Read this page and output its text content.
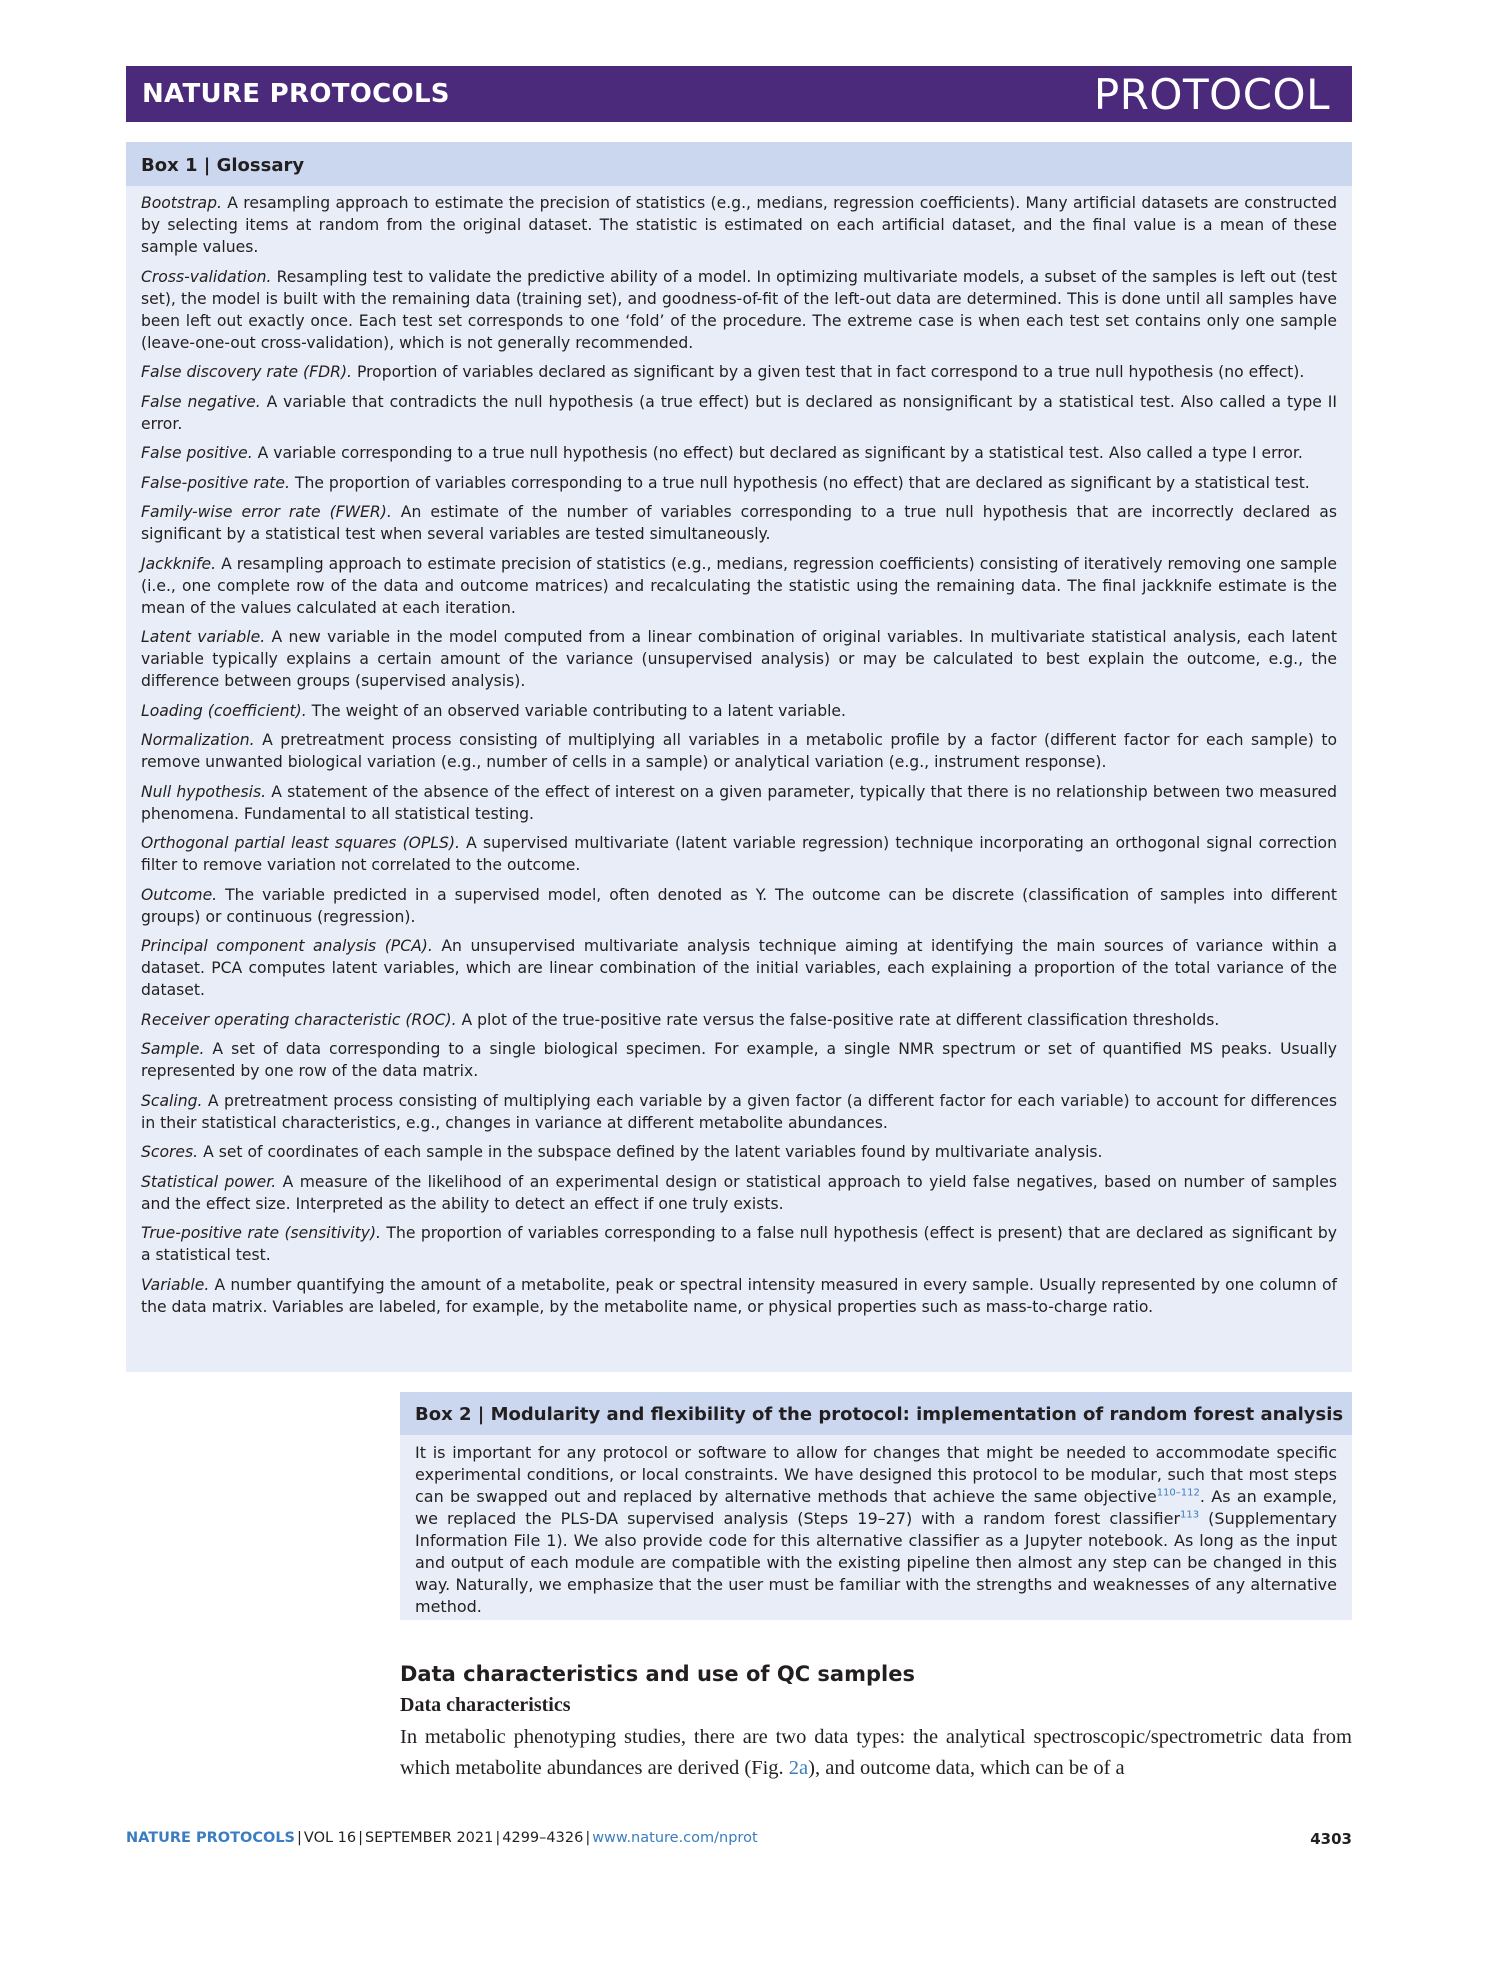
NATURE PROTOCOLS	PROTOCOL
Box 1 | Glossary
Bootstrap. A resampling approach to estimate the precision of statistics (e.g., medians, regression coefficients). Many artificial datasets are constructed by selecting items at random from the original dataset. The statistic is estimated on each artificial dataset, and the final value is a mean of these sample values.
Cross-validation. Resampling test to validate the predictive ability of a model. In optimizing multivariate models, a subset of the samples is left out (test set), the model is built with the remaining data (training set), and goodness-of-fit of the left-out data are determined. This is done until all samples have been left out exactly once. Each test set corresponds to one ‘fold’ of the procedure. The extreme case is when each test set contains only one sample (leave-one-out cross-validation), which is not generally recommended.
False discovery rate (FDR). Proportion of variables declared as significant by a given test that in fact correspond to a true null hypothesis (no effect).
False negative. A variable that contradicts the null hypothesis (a true effect) but is declared as nonsignificant by a statistical test. Also called a type II error.
False positive. A variable corresponding to a true null hypothesis (no effect) but declared as significant by a statistical test. Also called a type I error.
False-positive rate. The proportion of variables corresponding to a true null hypothesis (no effect) that are declared as significant by a statistical test.
Family-wise error rate (FWER). An estimate of the number of variables corresponding to a true null hypothesis that are incorrectly declared as significant by a statistical test when several variables are tested simultaneously.
Jackknife. A resampling approach to estimate precision of statistics (e.g., medians, regression coefficients) consisting of iteratively removing one sample (i.e., one complete row of the data and outcome matrices) and recalculating the statistic using the remaining data. The final jackknife estimate is the mean of the values calculated at each iteration.
Latent variable. A new variable in the model computed from a linear combination of original variables. In multivariate statistical analysis, each latent variable typically explains a certain amount of the variance (unsupervised analysis) or may be calculated to best explain the outcome, e.g., the difference between groups (supervised analysis).
Loading (coefficient). The weight of an observed variable contributing to a latent variable.
Normalization. A pretreatment process consisting of multiplying all variables in a metabolic profile by a factor (different factor for each sample) to remove unwanted biological variation (e.g., number of cells in a sample) or analytical variation (e.g., instrument response).
Null hypothesis. A statement of the absence of the effect of interest on a given parameter, typically that there is no relationship between two measured phenomena. Fundamental to all statistical testing.
Orthogonal partial least squares (OPLS). A supervised multivariate (latent variable regression) technique incorporating an orthogonal signal correction filter to remove variation not correlated to the outcome.
Outcome. The variable predicted in a supervised model, often denoted as Y. The outcome can be discrete (classification of samples into different groups) or continuous (regression).
Principal component analysis (PCA). An unsupervised multivariate analysis technique aiming at identifying the main sources of variance within a dataset. PCA computes latent variables, which are linear combination of the initial variables, each explaining a proportion of the total variance of the dataset.
Receiver operating characteristic (ROC). A plot of the true-positive rate versus the false-positive rate at different classification thresholds.
Sample. A set of data corresponding to a single biological specimen. For example, a single NMR spectrum or set of quantified MS peaks. Usually represented by one row of the data matrix.
Scaling. A pretreatment process consisting of multiplying each variable by a given factor (a different factor for each variable) to account for differences in their statistical characteristics, e.g., changes in variance at different metabolite abundances.
Scores. A set of coordinates of each sample in the subspace defined by the latent variables found by multivariate analysis.
Statistical power. A measure of the likelihood of an experimental design or statistical approach to yield false negatives, based on number of samples and the effect size. Interpreted as the ability to detect an effect if one truly exists.
True-positive rate (sensitivity). The proportion of variables corresponding to a false null hypothesis (effect is present) that are declared as significant by a statistical test.
Variable. A number quantifying the amount of a metabolite, peak or spectral intensity measured in every sample. Usually represented by one column of the data matrix. Variables are labeled, for example, by the metabolite name, or physical properties such as mass-to-charge ratio.
Box 2 | Modularity and flexibility of the protocol: implementation of random forest analysis
It is important for any protocol or software to allow for changes that might be needed to accommodate specific experimental conditions, or local constraints. We have designed this protocol to be modular, such that most steps can be swapped out and replaced by alternative methods that achieve the same objective$^{110-112}$. As an example, we replaced the PLS-DA supervised analysis (Steps 19–27) with a random forest classifier$^{113}$ (Supplementary Information File 1). We also provide code for this alternative classifier as a Jupyter notebook. As long as the input and output of each module are compatible with the existing pipeline then almost any step can be changed in this way. Naturally, we emphasize that the user must be familiar with the strengths and weaknesses of any alternative method.
Data characteristics and use of QC samples
Data characteristics
In metabolic phenotyping studies, there are two data types: the analytical spectroscopic/spectrometric data from which metabolite abundances are derived (Fig. 2a), and outcome data, which can be of a
NATURE PROTOCOLS | VOL 16 | SEPTEMBER 2021 | 4299–4326 | www.nature.com/nprot	4303
